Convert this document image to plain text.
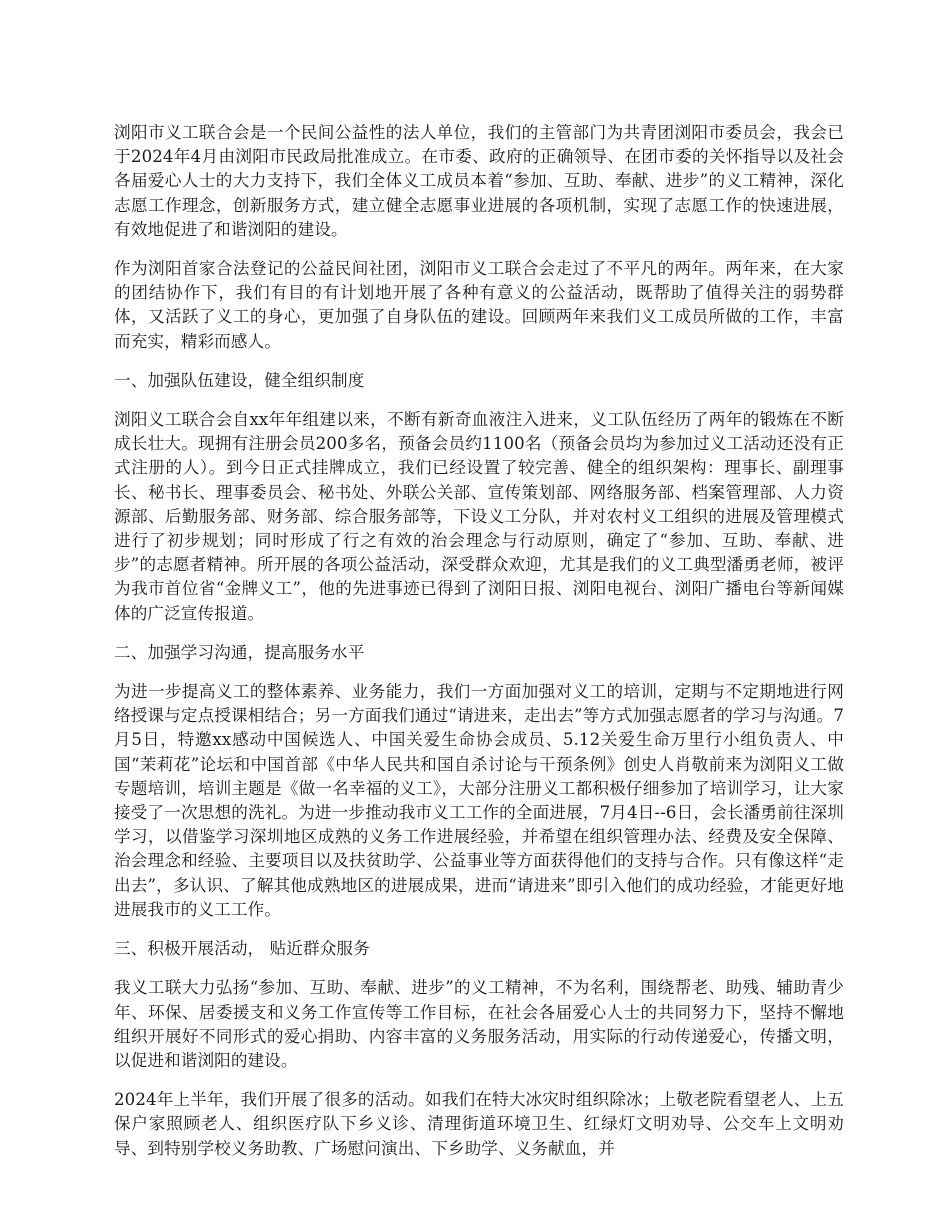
浏阳市义工联合会是一个民间公益性的法人单位，我们的主管部门为共青团浏阳市委员会，我会已于2024年4月由浏阳市民政局批准成立。在市委、政府的正确领导、在团市委的关怀指导以及社会各届爱心人士的大力支持下，我们全体义工成员本着“参加、互助、奉献、进步”的义工精神，深化志愿工作理念，创新服务方式，建立健全志愿事业进展的各项机制，实现了志愿工作的快速进展，有效地促进了和谐浏阳的建设。

作为浏阳首家合法登记的公益民间社团，浏阳市义工联合会走过了不平凡的两年。两年来，在大家的团结协作下，我们有目的有计划地开展了各种有意义的公益活动，既帮助了值得关注的弱势群体，又活跃了义工的身心，更加强了自身队伍的建设。回顾两年来我们义工成员所做的工作，丰富而充实，精彩而感人。

一、加强队伍建设，健全组织制度

浏阳义工联合会自xx年年组建以来，不断有新奇血液注入进来，义工队伍经历了两年的锻炼在不断成长壮大。现拥有注册会员200多名，预备会员约1100名（预备会员均为参加过义工活动还没有正式注册的人）。到今日正式挂牌成立，我们已经设置了较完善、健全的组织架构：理事长、副理事长、秘书长、理事委员会、秘书处、外联公关部、宣传策划部、网络服务部、档案管理部、人力资源部、后勤服务部、财务部、综合服务部等，下设义工分队，并对农村义工组织的进展及管理模式进行了初步规划；同时形成了行之有效的治会理念与行动原则，确定了“参加、互助、奉献、进步”的志愿者精神。所开展的各项公益活动，深受群众欢迎，尤其是我们的义工典型潘勇老师，被评为我市首位省“金牌义工”，他的先进事迹已得到了浏阳日报、浏阳电视台、浏阳广播电台等新闻媒体的广泛宣传报道。

二、加强学习沟通，提高服务水平

为进一步提高义工的整体素养、业务能力，我们一方面加强对义工的培训，定期与不定期地进行网络授课与定点授课相结合；另一方面我们通过“请进来，走出去”等方式加强志愿者的学习与沟通。7月5日，特邀xx感动中国候选人、中国关爱生命协会成员、5.12关爱生命万里行小组负责人、中国“茉莉花”论坛和中国首部《中华人民共和国自杀讨论与干预条例》创史人肖敬前来为浏阳义工做专题培训，培训主题是《做一名幸福的义工》，大部分注册义工都积极仔细参加了培训学习，让大家接受了一次思想的洗礼。为进一步推动我市义工工作的全面进展，7月4日--6日，会长潘勇前往深圳学习，以借鉴学习深圳地区成熟的义务工作进展经验，并希望在组织管理办法、经费及安全保障、治会理念和经验、主要项目以及扶贫助学、公益事业等方面获得他们的支持与合作。只有像这样“走出去”，多认识、了解其他成熟地区的进展成果，进而“请进来”即引入他们的成功经验，才能更好地进展我市的义工工作。

三、积极开展活动， 贴近群众服务

我义工联大力弘扬“参加、互助、奉献、进步”的义工精神，不为名利，围绕帮老、助残、辅助青少年、环保、居委援支和义务工作宣传等工作目标，在社会各届爱心人士的共同努力下，坚持不懈地组织开展好不同形式的爱心捐助、内容丰富的义务服务活动，用实际的行动传递爱心，传播文明，以促进和谐浏阳的建设。

2024年上半年，我们开展了很多的活动。如我们在特大冰灾时组织除冰；上敬老院看望老人、上五保户家照顾老人、组织医疗队下乡义诊、清理街道环境卫生、红绿灯文明劝导、公交车上文明劝导、到特别学校义务助教、广场慰问演出、下乡助学、义务献血，并
